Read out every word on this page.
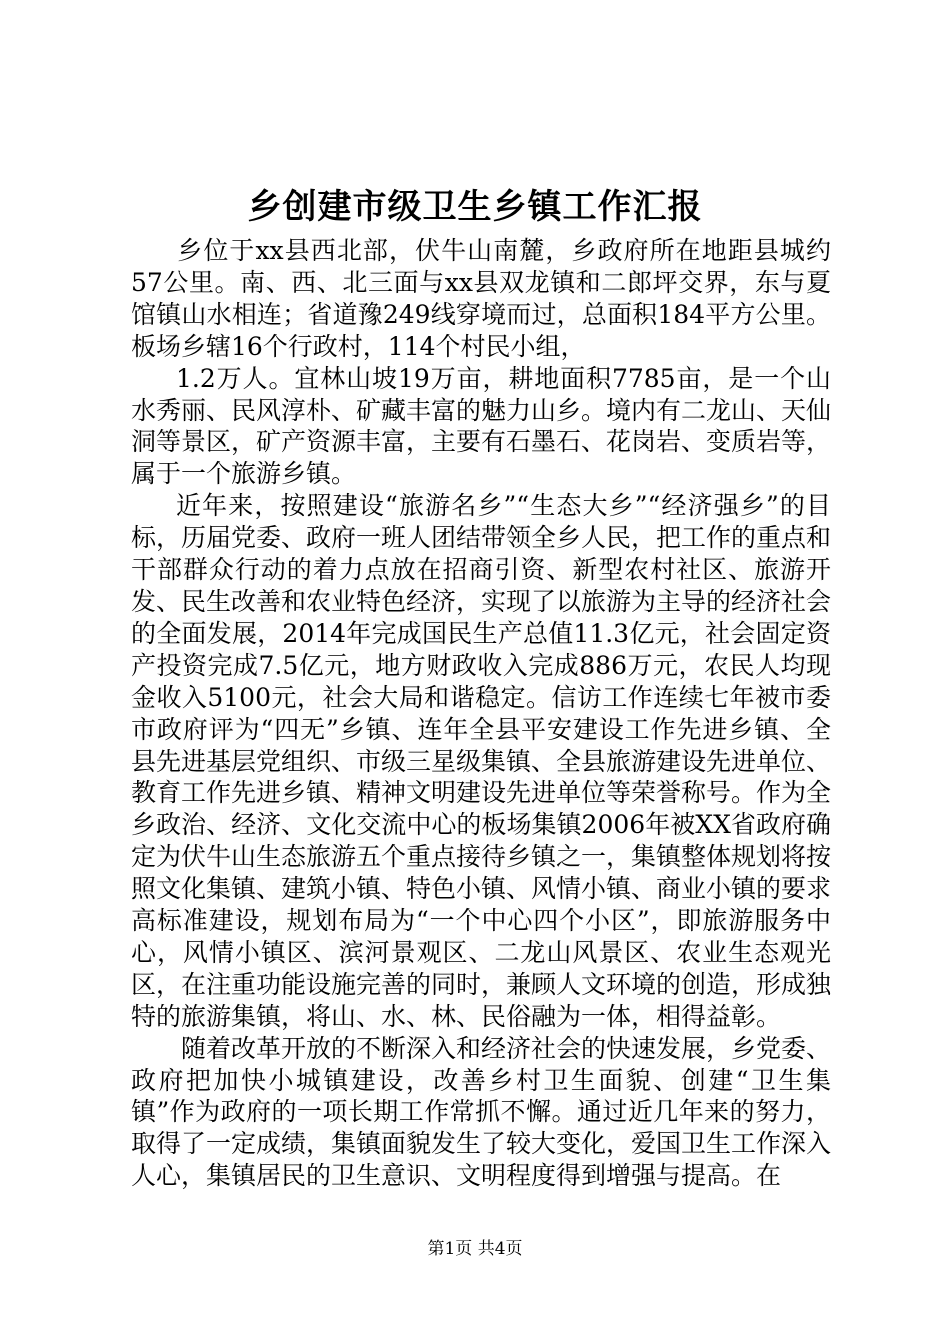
乡创建市级卫生乡镇工作汇报

乡位于xx县西北部，伏牛山南麓，乡政府所在地距县城约57公里。南、西、北三面与xx县双龙镇和二郎坪交界，东与夏馆镇山水相连；省道豫249线穿境而过，总面积184平方公里。板场乡辖16个行政村，114个村民小组，

1.2万人。宜林山坡19万亩，耕地面积7785亩，是一个山水秀丽、民风淳朴、矿藏丰富的魅力山乡。境内有二龙山、天仙洞等景区，矿产资源丰富，主要有石墨石、花岗岩、变质岩等，属于一个旅游乡镇。

近年来，按照建设“旅游名乡”“生态大乡”“经济强乡”的目标，历届党委、政府一班人团结带领全乡人民，把工作的重点和干部群众行动的着力点放在招商引资、新型农村社区、旅游开发、民生改善和农业特色经济，实现了以旅游为主导的经济社会的全面发展，2014年完成国民生产总值11.3亿元，社会固定资产投资完成7.5亿元，地方财政收入完成886万元，农民人均现金收入5100元，社会大局和谐稳定。信访工作连续七年被市委市政府评为“四无”乡镇、连年全县平安建设工作先进乡镇、全县先进基层党组织、市级三星级集镇、全县旅游建设先进单位、教育工作先进乡镇、精神文明建设先进单位等荣誉称号。作为全乡政治、经济、文化交流中心的板场集镇2006年被XX省政府确定为伏牛山生态旅游五个重点接待乡镇之一，集镇整体规划将按照文化集镇、建筑小镇、特色小镇、风情小镇、商业小镇的要求高标准建设，规划布局为“一个中心四个小区”，即旅游服务中心，风情小镇区、滨河景观区、二龙山风景区、农业生态观光区，在注重功能设施完善的同时，兼顾人文环境的创造，形成独特的旅游集镇，将山、水、林、民俗融为一体，相得益彰。

随着改革开放的不断深入和经济社会的快速发展，乡党委、政府把加快小城镇建设，改善乡村卫生面貌、创建“卫生集镇”作为政府的一项长期工作常抓不懈。通过近几年来的努力，取得了一定成绩，集镇面貌发生了较大变化，爱国卫生工作深入人心，集镇居民的卫生意识、文明程度得到增强与提高。在

第1页 共4页
